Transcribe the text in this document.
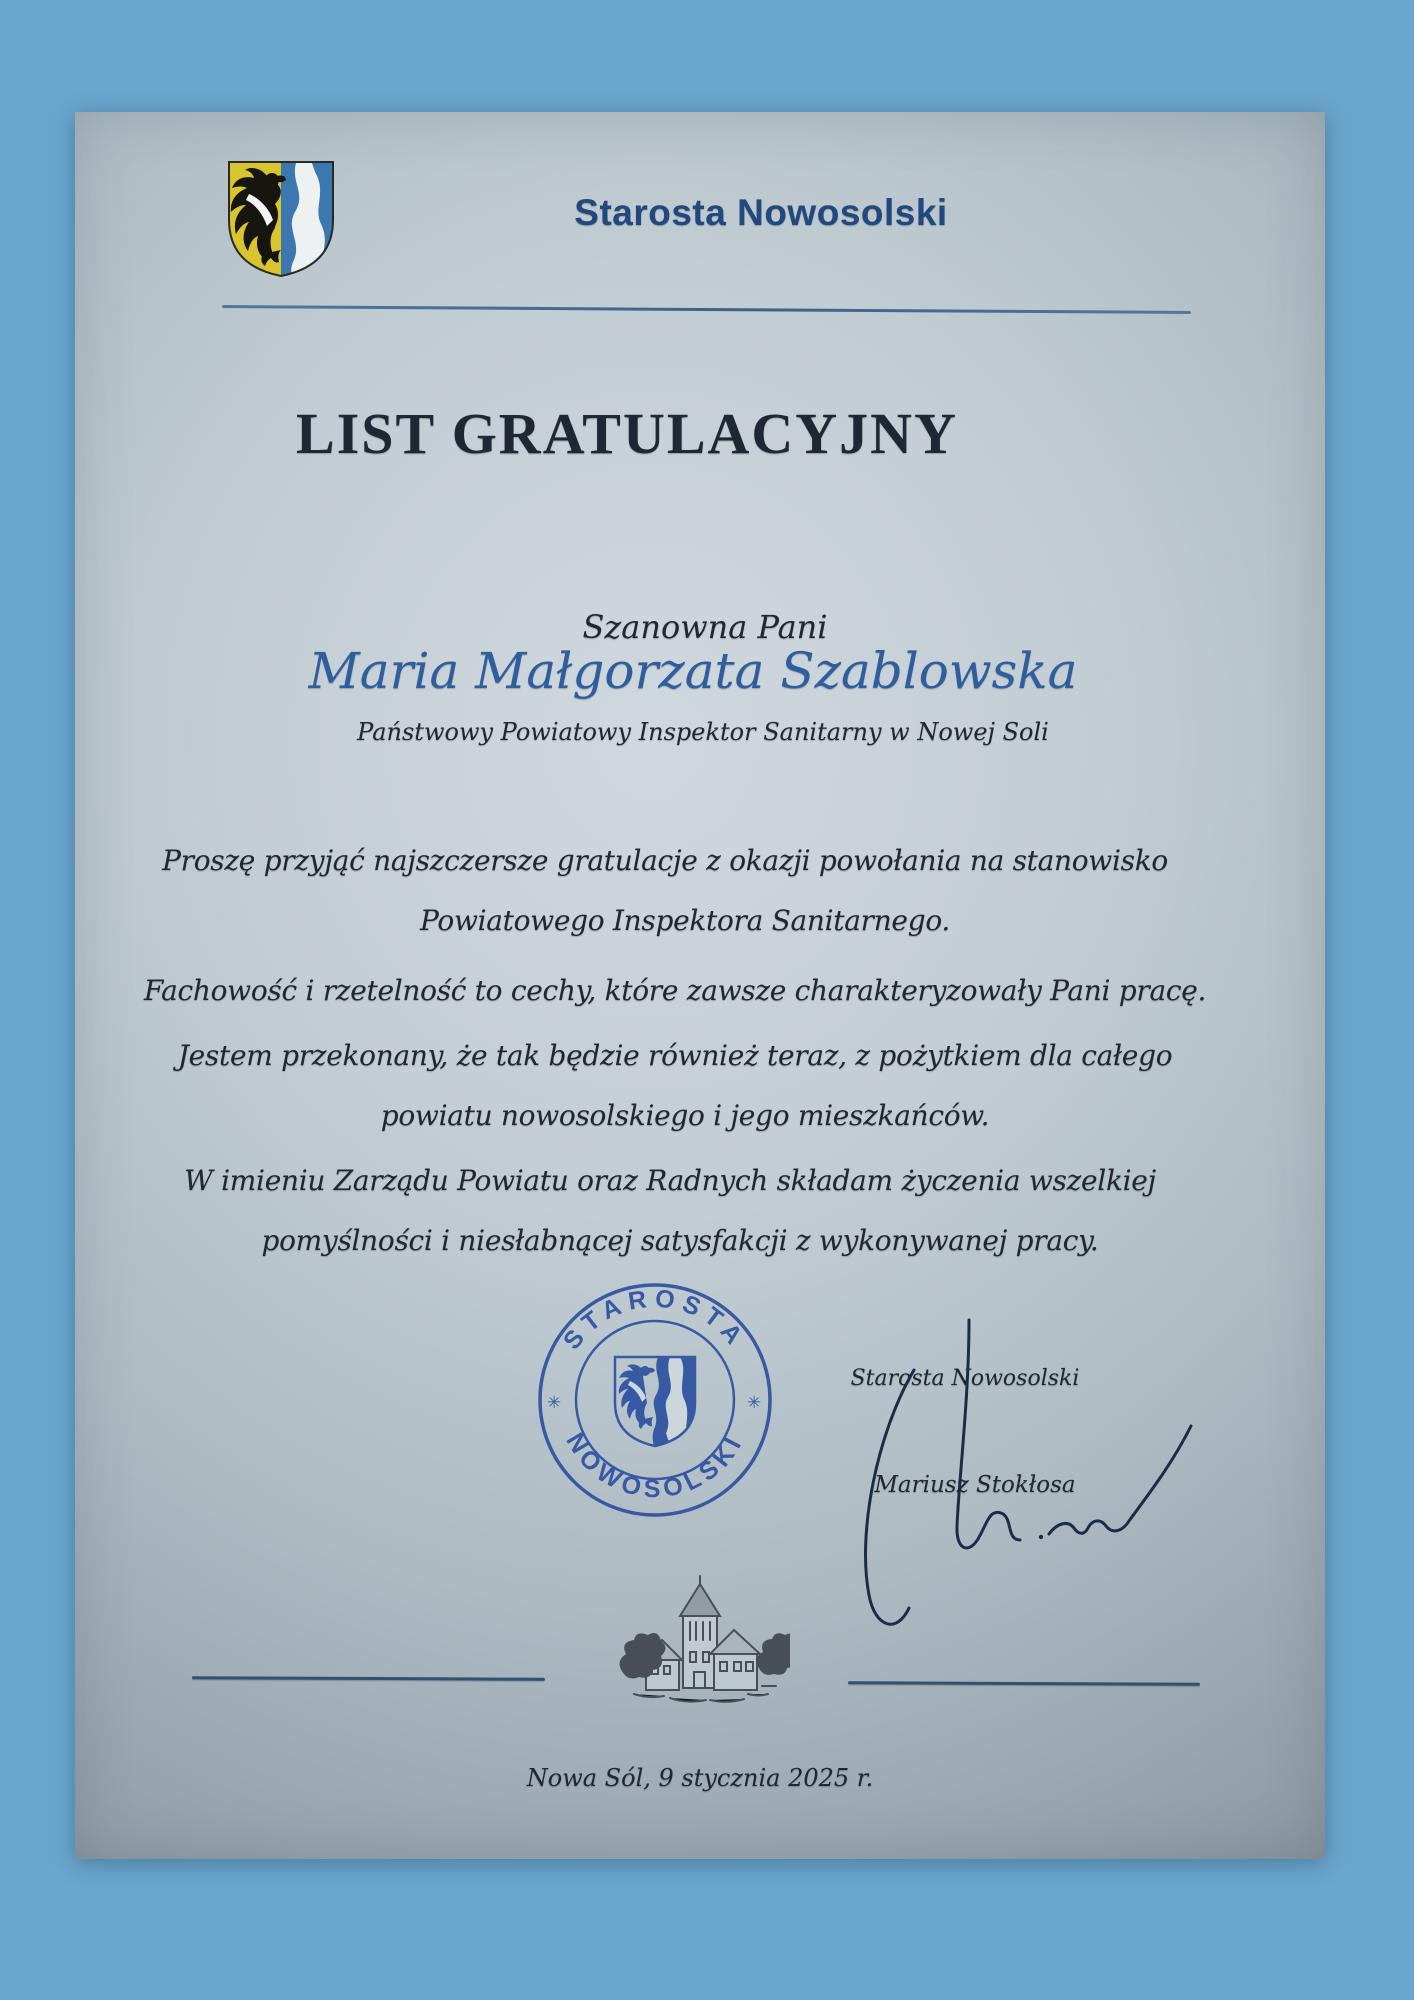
Starosta Nowosolski
LIST GRATULACYJNY
Szanowna Pani
Maria Małgorzata Szablowska
Państwowy Powiatowy Inspektor Sanitarny w Nowej Soli
Proszę przyjąć najszczersze gratulacje z okazji powołania na stanowisko
Powiatowego Inspektora Sanitarnego.
Fachowość i rzetelność to cechy, które zawsze charakteryzowały Pani pracę.
Jestem przekonany, że tak będzie również teraz, z pożytkiem dla całego
powiatu nowosolskiego i jego mieszkańców.
W imieniu Zarządu Powiatu oraz Radnych składam życzenia wszelkiej
pomyślności i niesłabnącej satysfakcji z wykonywanej pracy.
STAROSTA
NOWOSOLSKI
✳	✳
Starosta Nowosolski
Mariusz Stokłosa
Nowa Sól, 9 stycznia 2025 r.
